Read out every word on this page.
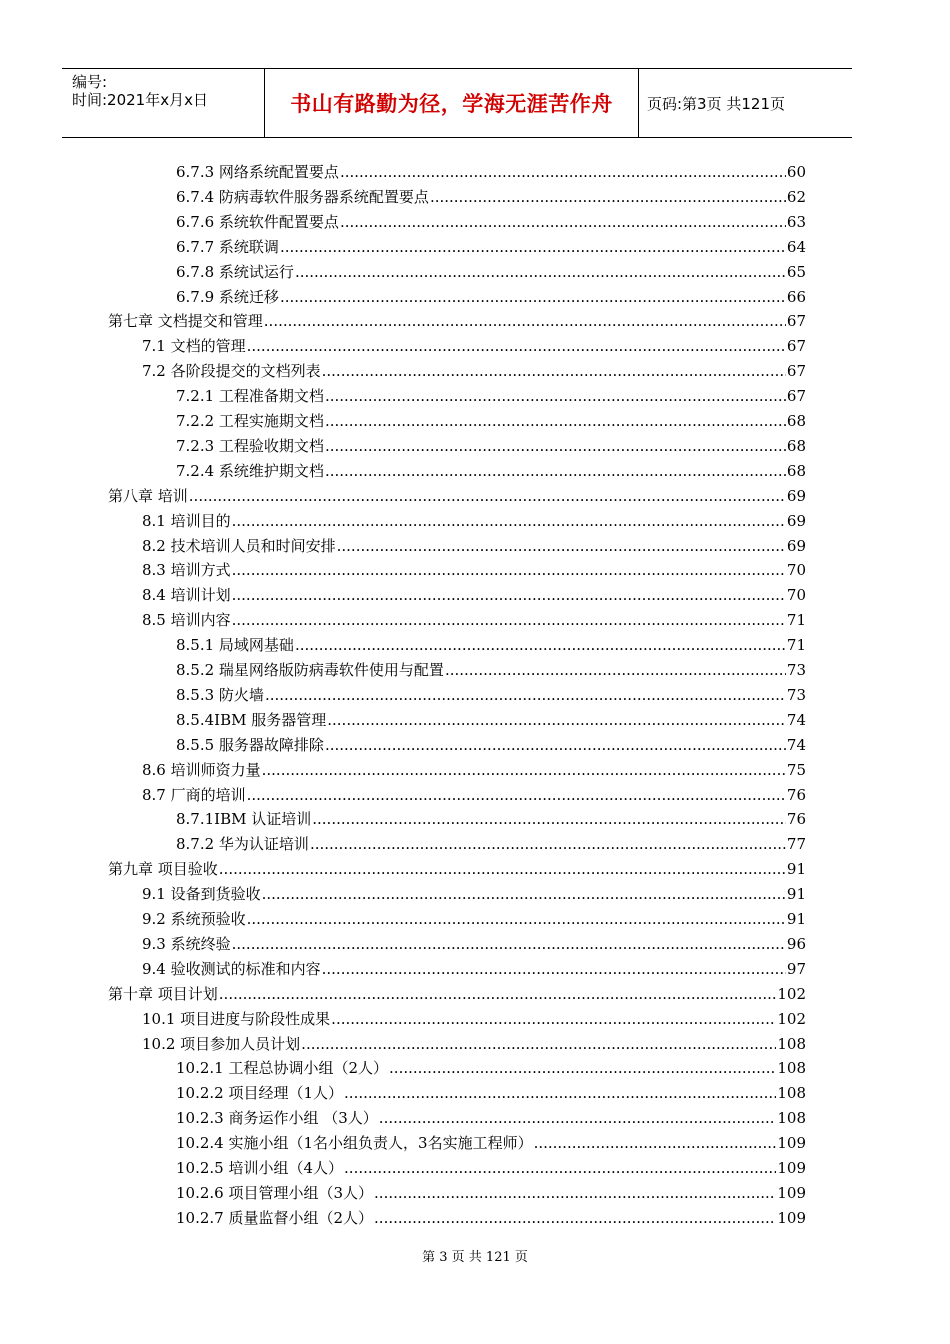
编号:
时间:2021年x月x日	书山有路勤为径，学海无涯苦作舟	页码:第3页 共121页
6.7.3 网络系统配置要点 .....	60
6.7.4 防病毒软件服务器系统配置要点 .....	62
6.7.6 系统软件配置要点 .....	63
6.7.7 系统联调 .....	64
6.7.8 系统试运行 .....	65
6.7.9 系统迁移 .....	66
第七章 文档提交和管理 .....	67
7.1 文档的管理 .....	67
7.2 各阶段提交的文档列表 .....	67
7.2.1 工程准备期文档 .....	67
7.2.2 工程实施期文档 .....	68
7.2.3 工程验收期文档 .....	68
7.2.4 系统维护期文档 .....	68
第八章 培训 .....	69
8.1 培训目的 .....	69
8.2 技术培训人员和时间安排 .....	69
8.3 培训方式 .....	70
8.4 培训计划 .....	70
8.5 培训内容 .....	71
8.5.1 局域网基础 .....	71
8.5.2 瑞星网络版防病毒软件使用与配置 .....	73
8.5.3 防火墙 .....	73
8.5.4IBM 服务器管理 .....	74
8.5.5 服务器故障排除 .....	74
8.6 培训师资力量 .....	75
8.7 厂商的培训 .....	76
8.7.1IBM 认证培训 .....	76
8.7.2 华为认证培训 .....	77
第九章 项目验收 .....	91
9.1 设备到货验收 .....	91
9.2 系统预验收 .....	91
9.3 系统终验 .....	96
9.4 验收测试的标准和内容 .....	97
第十章 项目计划 .....	102
10.1 项目进度与阶段性成果 .....	102
10.2 项目参加人员计划 .....	108
10.2.1 工程总协调小组（2人） .....	108
10.2.2 项目经理（1人） .....	108
10.2.3 商务运作小组 （3人） .....	108
10.2.4 实施小组（1名小组负责人，3名实施工程师） .....	109
10.2.5 培训小组（4人） .....	109
10.2.6 项目管理小组（3人） .....	109
10.2.7 质量监督小组（2人） .....	109
第 3 页 共 121 页
